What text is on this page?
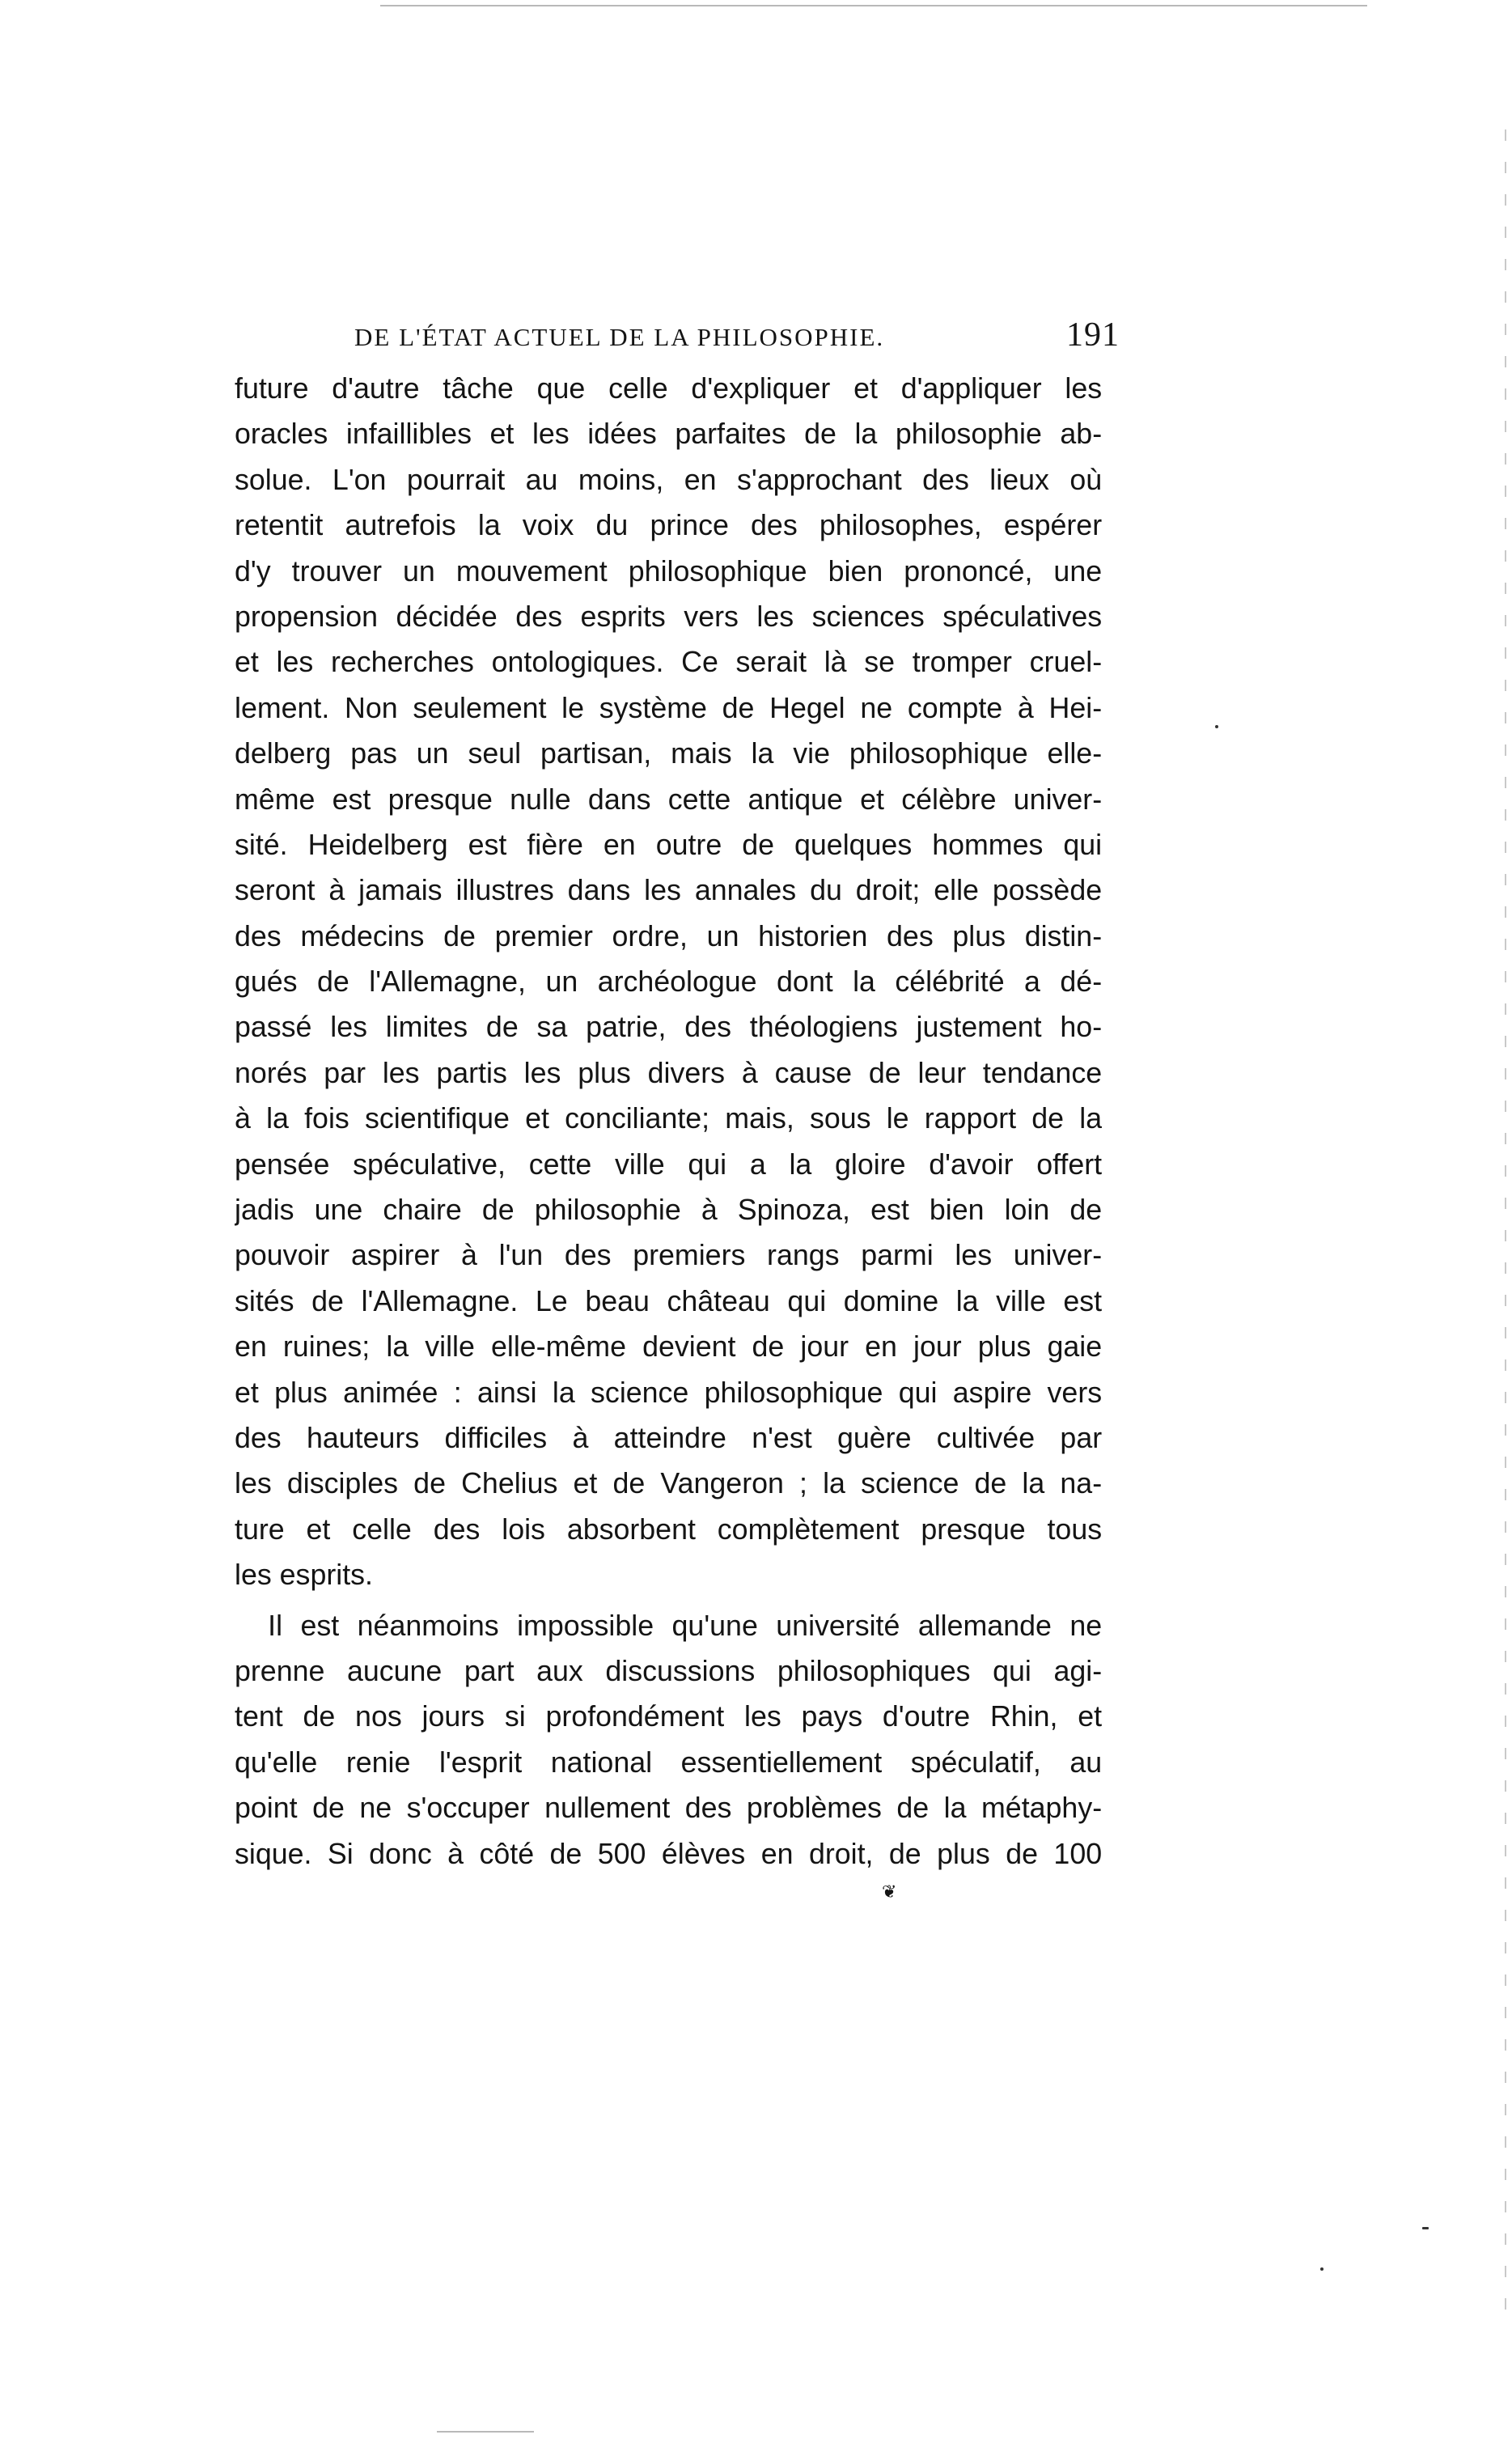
DE L'ÉTAT ACTUEL DE LA PHILOSOPHIE.	191
future d'autre tâche que celle d'expliquer et d'appliquer les
oracles infaillibles et les idées parfaites de la philosophie ab-
solue. L'on pourrait au moins, en s'approchant des lieux où
retentit autrefois la voix du prince des philosophes, espérer
d'y trouver un mouvement philosophique bien prononcé, une
propension décidée des esprits vers les sciences spéculatives
et les recherches ontologiques. Ce serait là se tromper cruel-
lement. Non seulement le système de Hegel ne compte à Hei-
delberg pas un seul partisan, mais la vie philosophique elle-
même est presque nulle dans cette antique et célèbre univer-
sité. Heidelberg est fière en outre de quelques hommes qui
seront à jamais illustres dans les annales du droit; elle possède
des médecins de premier ordre, un historien des plus distin-
gués de l'Allemagne, un archéologue dont la célébrité a dé-
passé les limites de sa patrie, des théologiens justement ho-
norés par les partis les plus divers à cause de leur tendance
à la fois scientifique et conciliante; mais, sous le rapport de la
pensée spéculative, cette ville qui a la gloire d'avoir offert
jadis une chaire de philosophie à Spinoza, est bien loin de
pouvoir aspirer à l'un des premiers rangs parmi les univer-
sités de l'Allemagne. Le beau château qui domine la ville est
en ruines; la ville elle-même devient de jour en jour plus gaie
et plus animée : ainsi la science philosophique qui aspire vers
des hauteurs difficiles à atteindre n'est guère cultivée par
les disciples de Chelius et de Vangeron ; la science de la na-
ture et celle des lois absorbent complètement presque tous
les esprits.
Il est néanmoins impossible qu'une université allemande ne
prenne aucune part aux discussions philosophiques qui agi-
tent de nos jours si profondément les pays d'outre Rhin, et
qu'elle renie l'esprit national essentiellement spéculatif, au
point de ne s'occuper nullement des problèmes de la métaphy-
sique. Si donc à côté de 500 élèves en droit, de plus de 100
❦
